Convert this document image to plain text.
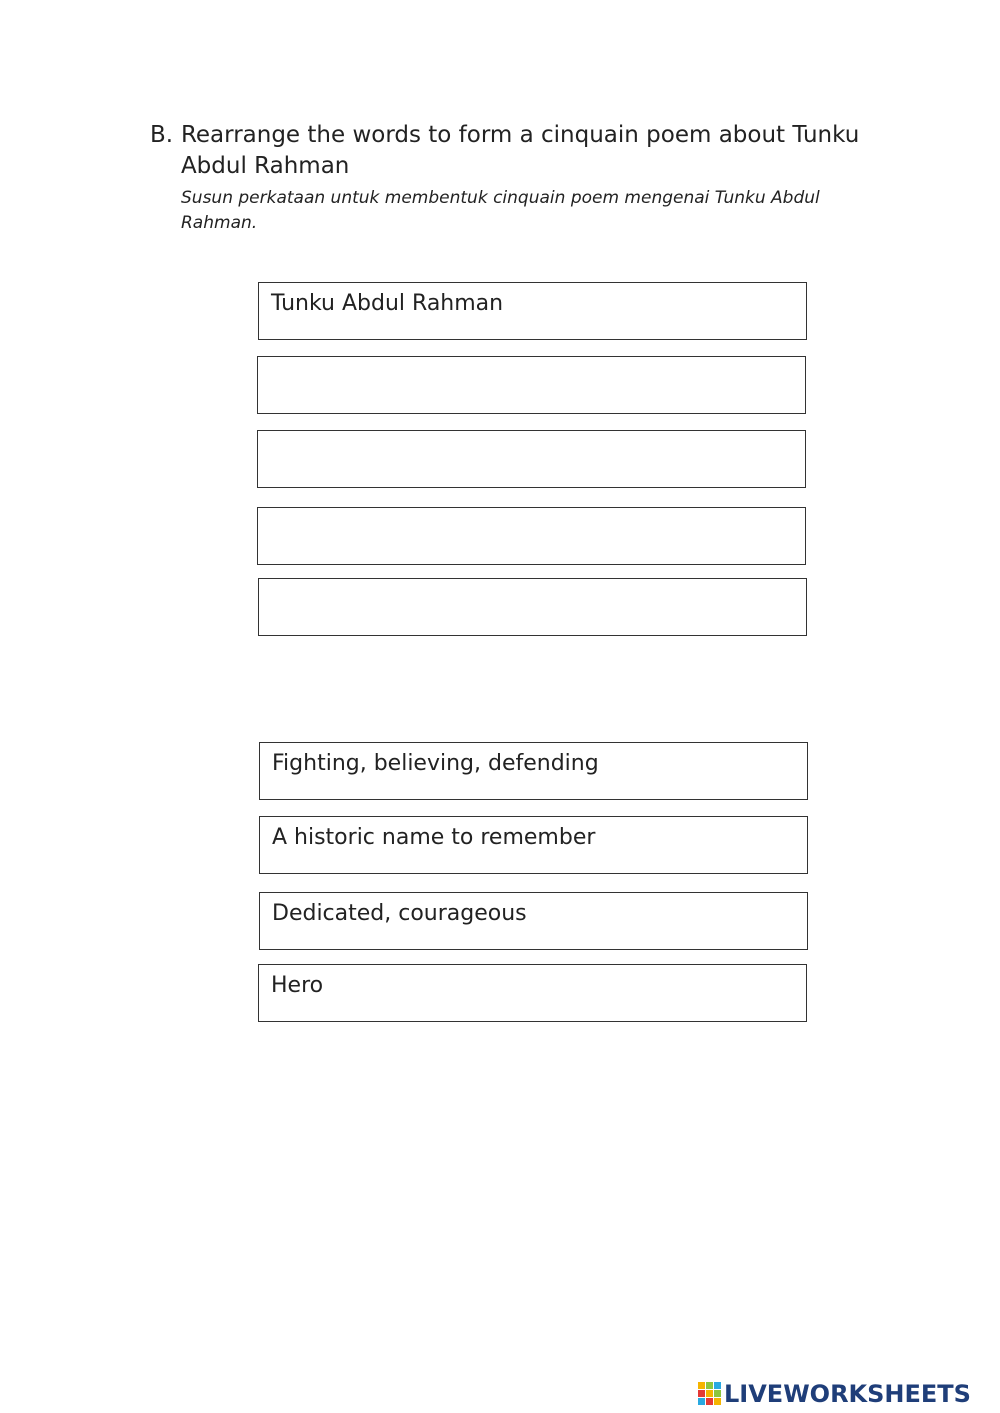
B. Rearrange the words to form a cinquain poem about Tunku Abdul Rahman
Susun perkataan untuk membentuk cinquain poem mengenai Tunku Abdul Rahman.
Tunku Abdul Rahman
Fighting, believing, defending
A historic name to remember
Dedicated, courageous
Hero
LIVEWORKSHEETS
